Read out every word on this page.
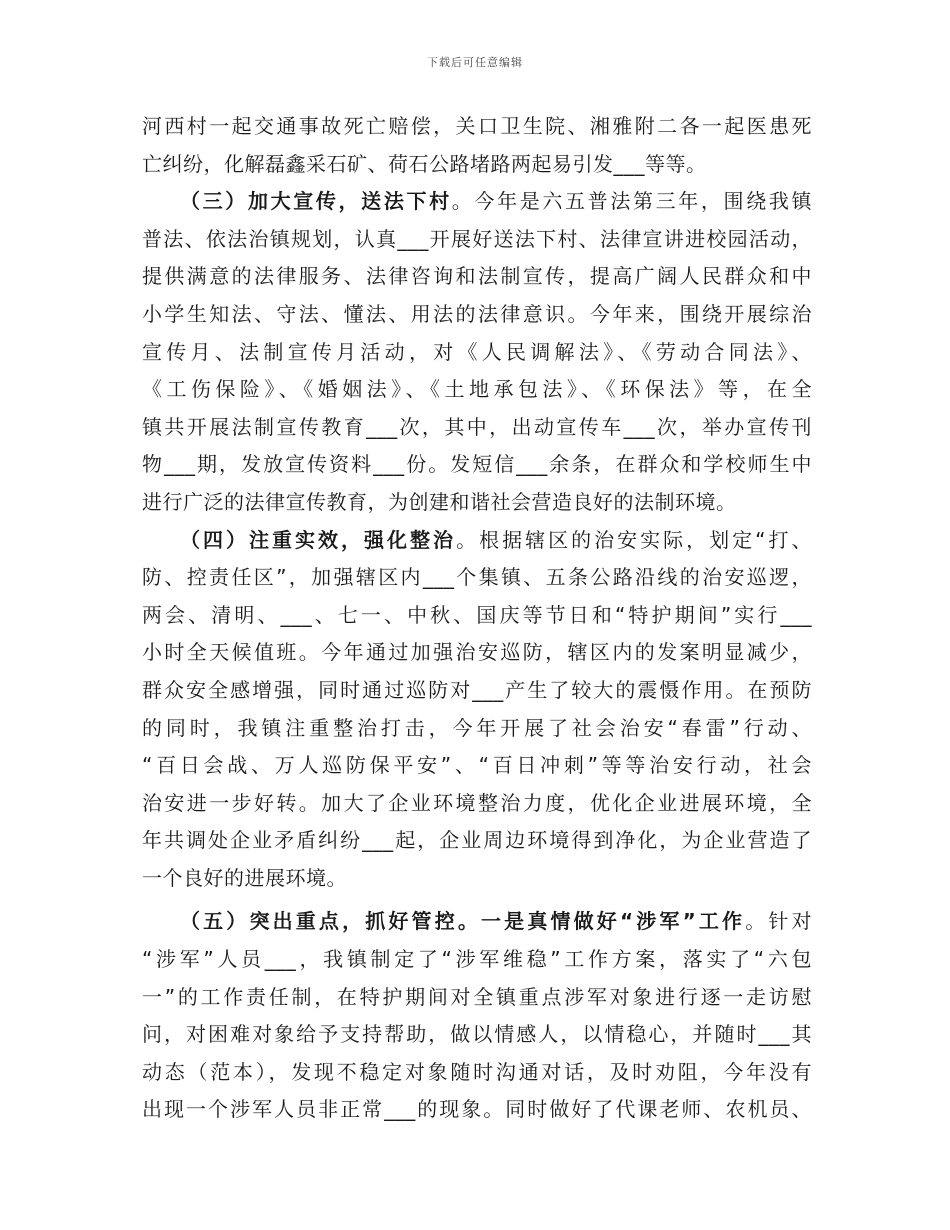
下载后可任意编辑
河西村一起交通事故死亡赔偿，关口卫生院、湘雅附二各一起医患死
亡纠纷，化解磊鑫采石矿、荷石公路堵路两起易引发___等等。
（三）加大宣传，送法下村。今年是六五普法第三年，围绕我镇
普法、依法治镇规划，认真___开展好送法下村、法律宣讲进校园活动，
提供满意的法律服务、法律咨询和法制宣传，提高广阔人民群众和中
小学生知法、守法、懂法、用法的法律意识。今年来，围绕开展综治
宣传月、法制宣传月活动，对《人民调解法》、《劳动合同法》、
《工伤保险》、《婚姻法》、《土地承包法》、《环保法》等，在全
镇共开展法制宣传教育___次，其中，出动宣传车___次，举办宣传刊
物___期，发放宣传资料___份。发短信___余条，在群众和学校师生中
进行广泛的法律宣传教育，为创建和谐社会营造良好的法制环境。
（四）注重实效，强化整治。根据辖区的治安实际，划定“打、
防、控责任区”，加强辖区内___个集镇、五条公路沿线的治安巡逻，
两会、清明、___、七一、中秋、国庆等节日和“特护期间”实行___
小时全天候值班。今年通过加强治安巡防，辖区内的发案明显减少，
群众安全感增强，同时通过巡防对___产生了较大的震慑作用。在预防
的同时，我镇注重整治打击，今年开展了社会治安“春雷”行动、
“百日会战、万人巡防保平安”、“百日冲刺”等等治安行动，社会
治安进一步好转。加大了企业环境整治力度，优化企业进展环境，全
年共调处企业矛盾纠纷___起，企业周边环境得到净化，为企业营造了
一个良好的进展环境。
（五）突出重点，抓好管控。一是真情做好“涉军”工作。针对
“涉军”人员___，我镇制定了“涉军维稳”工作方案，落实了“六包
一”的工作责任制，在特护期间对全镇重点涉军对象进行逐一走访慰
问，对困难对象给予支持帮助，做以情感人，以情稳心，并随时___其
动态（范本），发现不稳定对象随时沟通对话，及时劝阻，今年没有
出现一个涉军人员非正常___的现象。同时做好了代课老师、农机员、
